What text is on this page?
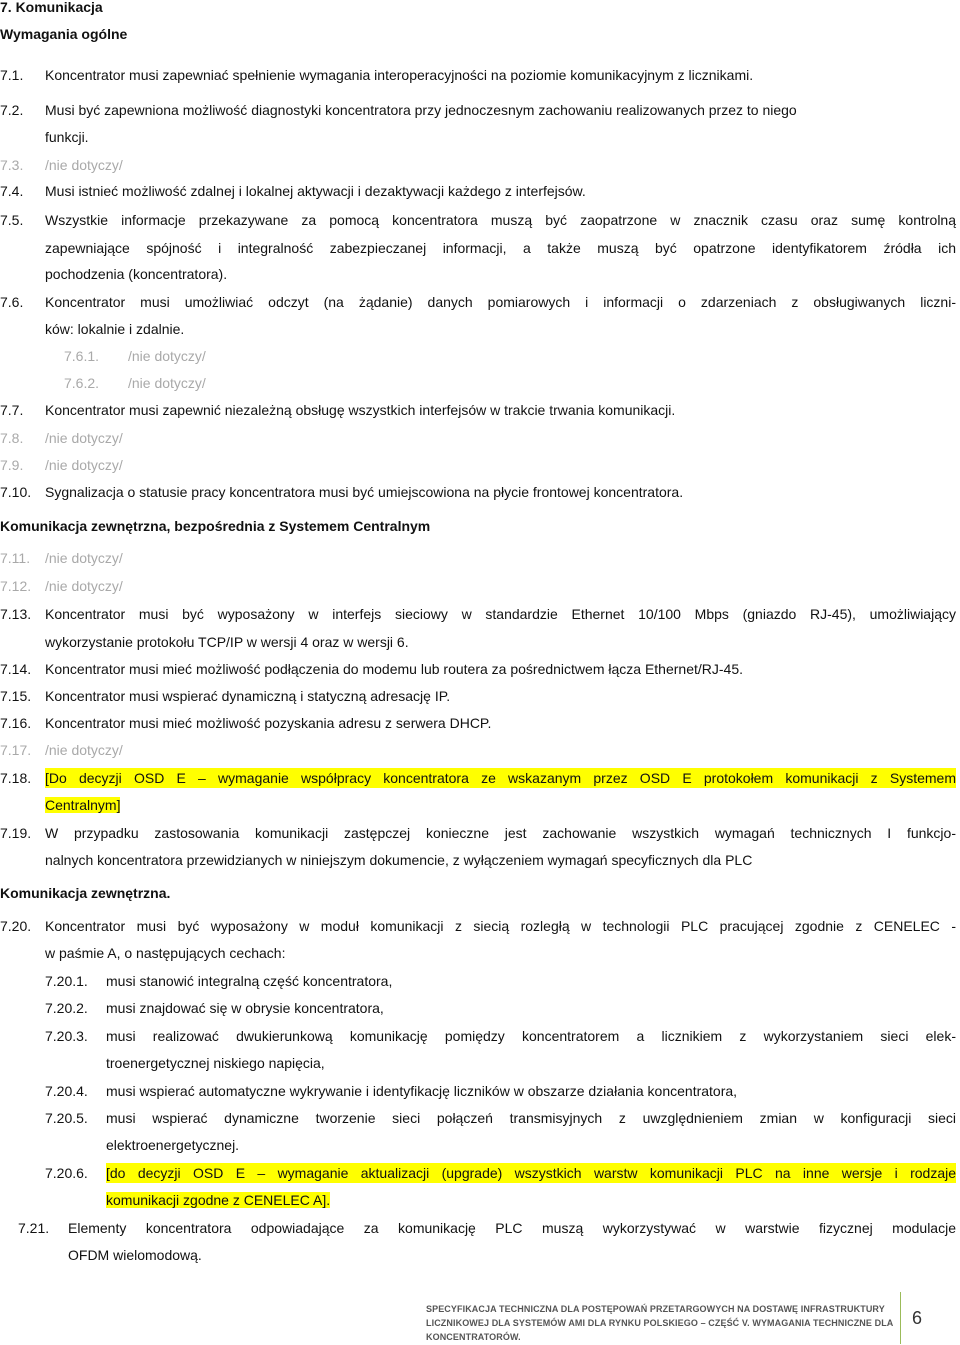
7. Komunikacja
Wymagania ogólne
7.1. Koncentrator musi zapewniać spełnienie wymagania interoperacyjności na poziomie komunikacyjnym z licznikami.
7.2. Musi być zapewniona możliwość diagnostyki koncentratora przy jednoczesnym zachowaniu realizowanych przez to niego
funkcji.
7.3. /nie dotyczy/
7.4. Musi istnieć możliwość zdalnej i lokalnej aktywacji i dezaktywacji każdego z interfejsów.
7.5. Wszystkie informacje przekazywane za pomocą koncentratora muszą być zaopatrzone w znacznik czasu oraz sumę kontrolną
zapewniające spójność i integralność zabezpieczanej informacji, a także muszą być opatrzone identyfikatorem źródła ich
pochodzenia (koncentratora).
7.6. Koncentrator musi umożliwiać odczyt (na żądanie) danych pomiarowych i informacji o zdarzeniach z obsługiwanych liczni-
ków: lokalnie i zdalnie.
7.6.1. /nie dotyczy/
7.6.2. /nie dotyczy/
7.7. Koncentrator musi zapewnić niezależną obsługę wszystkich interfejsów w trakcie trwania komunikacji.
7.8. /nie dotyczy/
7.9. /nie dotyczy/
7.10. Sygnalizacja o statusie pracy koncentratora musi być umiejscowiona na płycie frontowej koncentratora.
Komunikacja zewnętrzna, bezpośrednia z Systemem Centralnym
7.11. /nie dotyczy/
7.12. /nie dotyczy/
7.13. Koncentrator musi być wyposażony w interfejs sieciowy w standardzie Ethernet 10/100 Mbps (gniazdo RJ-45), umożliwiający
wykorzystanie protokołu TCP/IP w wersji 4 oraz w wersji 6.
7.14. Koncentrator musi mieć możliwość podłączenia do modemu lub routera za pośrednictwem łącza Ethernet/RJ-45.
7.15. Koncentrator musi wspierać dynamiczną i statyczną adresację IP.
7.16. Koncentrator musi mieć możliwość pozyskania adresu z serwera DHCP.
7.17. /nie dotyczy/
7.18. [Do decyzji OSD E – wymaganie współpracy koncentratora ze wskazanym przez OSD E protokołem komunikacji z Systemem
Centralnym]
7.19. W przypadku zastosowania komunikacji zastępczej konieczne jest zachowanie wszystkich wymagań technicznych I funkcjo-
nalnych koncentratora przewidzianych w niniejszym dokumencie, z wyłączeniem wymagań specyficznych dla PLC
Komunikacja zewnętrzna.
7.20. Koncentrator musi być wyposażony w moduł komunikacji z siecią rozległą w technologii PLC pracującej zgodnie z CENELEC -
w paśmie A, o następujących cechach:
7.20.1. musi stanowić integralną część koncentratora,
7.20.2. musi znajdować się w obrysie koncentratora,
7.20.3. musi realizować dwukierunkową komunikację pomiędzy koncentratorem a licznikiem z wykorzystaniem sieci elek-
troenergetycznej niskiego napięcia,
7.20.4. musi wspierać automatyczne wykrywanie i identyfikację liczników w obszarze działania koncentratora,
7.20.5. musi wspierać dynamiczne tworzenie sieci połączeń transmisyjnych z uwzględnieniem zmian w konfiguracji sieci
elektroenergetycznej.
7.20.6. [do decyzji OSD E – wymaganie aktualizacji (upgrade) wszystkich warstw komunikacji PLC na inne wersje i rodzaje
komunikacji zgodne z CENELEC A].
7.21. Elementy koncentratora odpowiadające za komunikację PLC muszą wykorzystywać w warstwie fizycznej modulacje
OFDM wielomodową.
SPECYFIKACJA TECHNICZNA DLA POSTĘPOWAŃ PRZETARGOWYCH NA DOSTAWĘ INFRASTRUKTURY
LICZNIKOWEJ DLA SYSTEMÓW AMI DLA RYNKU POLSKIEGO – CZĘŚĆ V. WYMAGANIA TECHNICZNE DLA
KONCENTRATORÓW.
6
